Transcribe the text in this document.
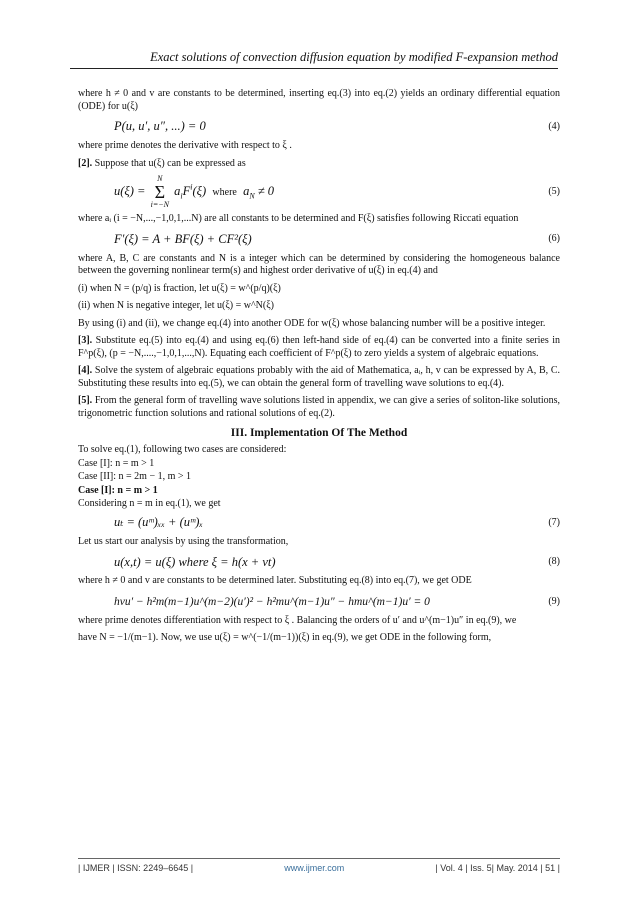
Exact solutions of convection diffusion equation by modified F-expansion method

where h ≠ 0 and v are constants to be determined, inserting eq.(3) into eq.(2) yields an ordinary differential equation (ODE) for u(ξ)

P(u, u′, u″, ...) = 0	(4)

where prime denotes the derivative with respect to ξ .

[2]. Suppose that u(ξ) can be expressed as

u(ξ) =
N
Σ
i=−N
$a_iF^i(\xi)$  where  $a_N \ne 0$	(5)

where aᵢ (i = −N,...,−1,0,1,...N) are all constants to be determined and F(ξ) satisfies following Riccati equation

F′(ξ) = A + BF(ξ) + CF²(ξ)	(6)

where A, B, C are constants and N is a integer which can be determined by considering the homogeneous balance between the governing nonlinear term(s) and highest order derivative of u(ξ) in eq.(4) and

(i) when N = (p/q) is fraction, let u(ξ) = w^(p/q)(ξ)

(ii) when N is negative integer, let u(ξ) = w^N(ξ)

By using (i) and (ii), we change eq.(4) into another ODE for w(ξ) whose balancing number will be a positive integer.

[3]. Substitute eq.(5) into eq.(4) and using eq.(6) then left-hand side of eq.(4) can be converted into a finite series in F^p(ξ), (p = −N,....,−1,0,1,...,N). Equating each coefficient of F^p(ξ) to zero yields a system of algebraic equations.

[4]. Solve the system of algebraic equations probably with the aid of Mathematica, aᵢ, h, v can be expressed by A, B, C. Substituting these results into eq.(5), we can obtain the general form of travelling wave solutions to eq.(4).

[5]. From the general form of travelling wave solutions listed in appendix, we can give a series of soliton-like solutions, trigonometric function solutions and rational solutions of eq.(2).

III. Implementation Of The Method

To solve eq.(1), following two cases are considered:

Case [I]: n = m > 1

Case [II]: n = 2m − 1, m > 1

Case [I]: n = m > 1

Considering n = m in eq.(1), we get

uₜ = (uᵐ)ₓₓ + (uᵐ)ₓ	(7)

Let us start our analysis by using the transformation,

u(x,t) = u(ξ) where ξ = h(x + vt)	(8)

where h ≠ 0 and v are constants to be determined later. Substituting eq.(8) into eq.(7), we get ODE

hvu′ − h²m(m−1)u^(m−2)(u′)² − h²mu^(m−1)u″ − hmu^(m−1)u′ = 0	(9)

where prime denotes differentiation with respect to ξ . Balancing the orders of u′ and u^(m−1)u″ in eq.(9), we

have N = −1/(m−1). Now, we use u(ξ) = w^(−1/(m−1))(ξ) in eq.(9), we get ODE in the following form,

| IJMER | ISSN: 2249–6645 |	www.ijmer.com	| Vol. 4 | Iss. 5| May. 2014 | 51 |
